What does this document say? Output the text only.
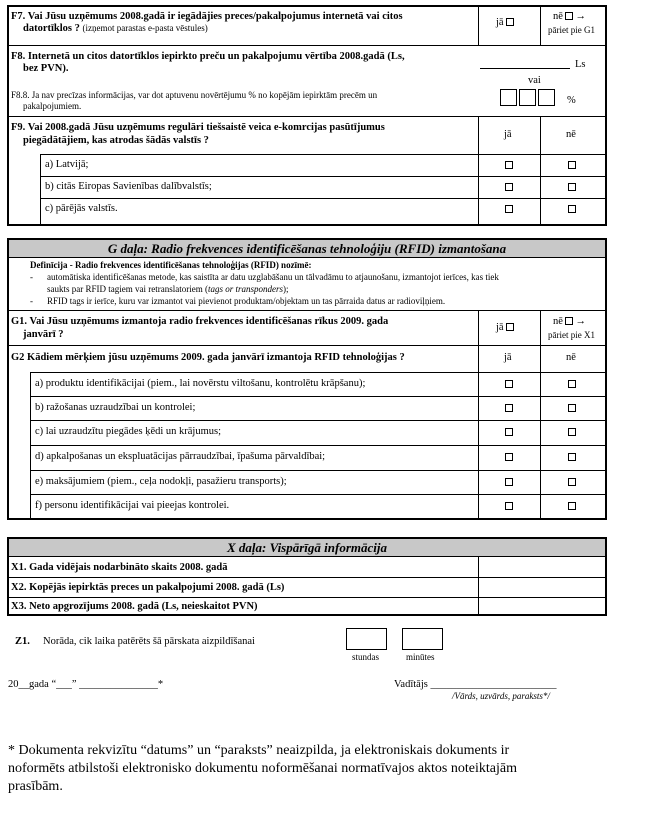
F7. Vai Jūsu uzņēmums 2008.gadā ir iegādājies preces/pakalpojumus internetā vai citos
datortīklos ? (izņemot parastas e-pasta vēstules)	jā
nē →
pāriet pie G1
F8. Internetā un citos datortīklos iepirkto preču un pakalpojumu vērtība 2008.gadā (Ls,
bez PVN).	Ls
vai
F8.8. Ja nav precīzas informācijas, var dot aptuvenu novērtējumu % no kopējām iepirktām precēm un
pakalpojumiem.	%
F9. Vai 2008.gadā Jūsu uzņēmums regulāri tiešsaistē veica e-komrcijas pasūtījumus
piegādātājiem, kas atrodas šādās valstīs ?
jā	nē
a) Latvijā;
b) citās Eiropas Savienības dalībvalstīs;
c) pārējās valstīs.
G daļa: Radio frekvences identificēšanas tehnoloģiju (RFID) izmantošana
Definīcija - Radio frekvences identificēšanas tehnoloģijas (RFID) nozīmē:
- automātiska identificēšanas metode, kas saistīta ar datu uzglabāšanu un tālvadāmu to atjaunošanu, izmantojot ierīces, kas tiek
saukts par RFID tagiem vai retranslatoriem (tags or transponders);
- RFID tags ir ierīce, kuru var izmantot vai pievienot produktam/objektam un tas pārraida datus ar radioviļņiem.
G1. Vai Jūsu uzņēmums izmantoja radio frekvences identificēšanas rīkus 2009. gada
janvārī ?
jā
nē →
pāriet pie X1
G2 Kādiem mērķiem jūsu uzņēmums 2009. gada janvārī izmantoja RFID tehnoloģijas ?	jā	nē
a) produktu identifikācijai (piem., lai novērstu viltošanu, kontrolētu krāpšanu);
b) ražošanas uzraudzībai un kontrolei;
c) lai uzraudzītu piegādes ķēdi un krājumus;
d) apkalpošanas un ekspluatācijas pārraudzībai, īpašuma pārvaldībai;
e) maksājumiem (piem., ceļa nodokļi, pasažieru transports);
f) personu identifikācijai vai pieejas kontrolei.
X daļa: Vispārīgā informācija
X1. Gada vidējais nodarbināto skaits 2008. gadā
X2. Kopējās iepirktās preces un pakalpojumi 2008. gadā (Ls)
X3. Neto apgrozījums 2008. gadā (Ls, neieskaitot PVN)
Z1. Norāda, cik laika patērēts šā pārskata aizpildīšanai
stundas	minūtes
20__gada “___” _______________*	Vadītājs ________________________
/Vārds, uzvārds, paraksts*/
* Dokumenta rekvizītu “datums” un “paraksts” neaizpilda, ja elektroniskais dokuments ir
noformēts atbilstoši elektronisko dokumentu noformēšanai normatīvajos aktos noteiktajām
prasībām.
